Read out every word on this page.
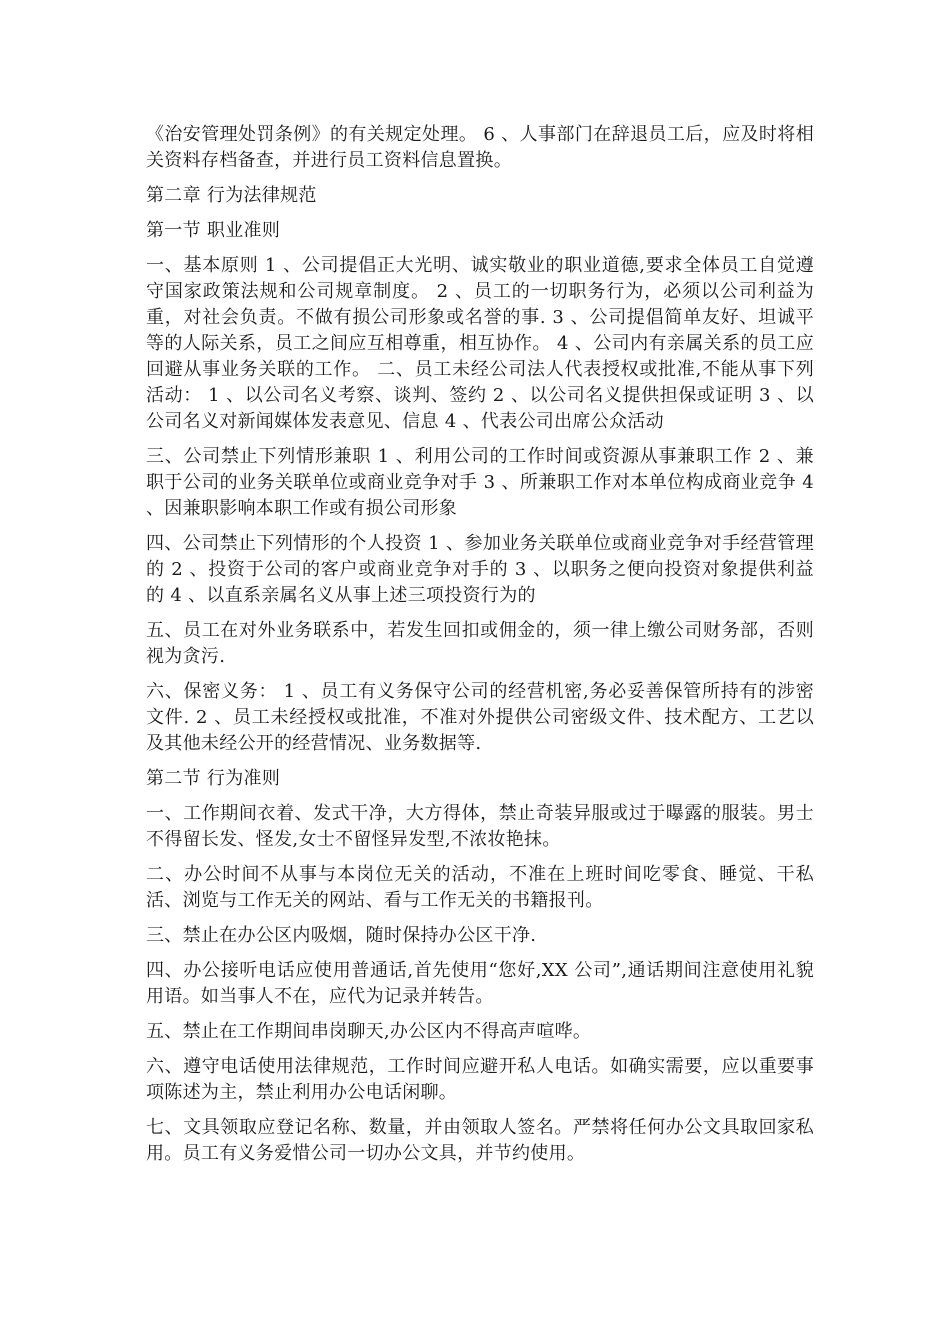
《治安管理处罚条例》的有关规定处理。 6 、人事部门在辞退员工后，应及时将相关资料存档备查，并进行员工资料信息置换。

第二章 行为法律规范

第一节 职业准则

一、基本原则 1 、公司提倡正大光明、诚实敬业的职业道德,要求全体员工自觉遵守国家政策法规和公司规章制度。 2 、员工的一切职务行为，必须以公司利益为重，对社会负责。不做有损公司形象或名誉的事. 3 、公司提倡简单友好、坦诚平等的人际关系，员工之间应互相尊重，相互协作。 4 、公司内有亲属关系的员工应回避从事业务关联的工作。 二、员工未经公司法人代表授权或批准,不能从事下列活动： 1 、以公司名义考察、谈判、签约 2 、以公司名义提供担保或证明 3 、以公司名义对新闻媒体发表意见、信息 4 、代表公司出席公众活动

三、公司禁止下列情形兼职 1 、利用公司的工作时间或资源从事兼职工作 2 、兼职于公司的业务关联单位或商业竞争对手 3 、所兼职工作对本单位构成商业竞争 4 、因兼职影响本职工作或有损公司形象

四、公司禁止下列情形的个人投资 1 、参加业务关联单位或商业竞争对手经营管理的 2 、投资于公司的客户或商业竞争对手的 3 、以职务之便向投资对象提供利益的 4 、以直系亲属名义从事上述三项投资行为的

五、员工在对外业务联系中，若发生回扣或佣金的，须一律上缴公司财务部，否则视为贪污.

六、保密义务： 1 、员工有义务保守公司的经营机密,务必妥善保管所持有的涉密文件. 2 、员工未经授权或批准，不准对外提供公司密级文件、技术配方、工艺以及其他未经公开的经营情况、业务数据等.

第二节 行为准则

一、工作期间衣着、发式干净，大方得体，禁止奇装异服或过于曝露的服装。男士不得留长发、怪发,女士不留怪异发型,不浓妆艳抹。

二、办公时间不从事与本岗位无关的活动，不准在上班时间吃零食、睡觉、干私活、浏览与工作无关的网站、看与工作无关的书籍报刊。

三、禁止在办公区内吸烟，随时保持办公区干净.

四、办公接听电话应使用普通话,首先使用“您好,XX 公司”,通话期间注意使用礼貌用语。如当事人不在，应代为记录并转告。

五、禁止在工作期间串岗聊天,办公区内不得高声喧哗。

六、遵守电话使用法律规范，工作时间应避开私人电话。如确实需要，应以重要事项陈述为主，禁止利用办公电话闲聊。

七、文具领取应登记名称、数量，并由领取人签名。严禁将任何办公文具取回家私用。员工有义务爱惜公司一切办公文具，并节约使用。
